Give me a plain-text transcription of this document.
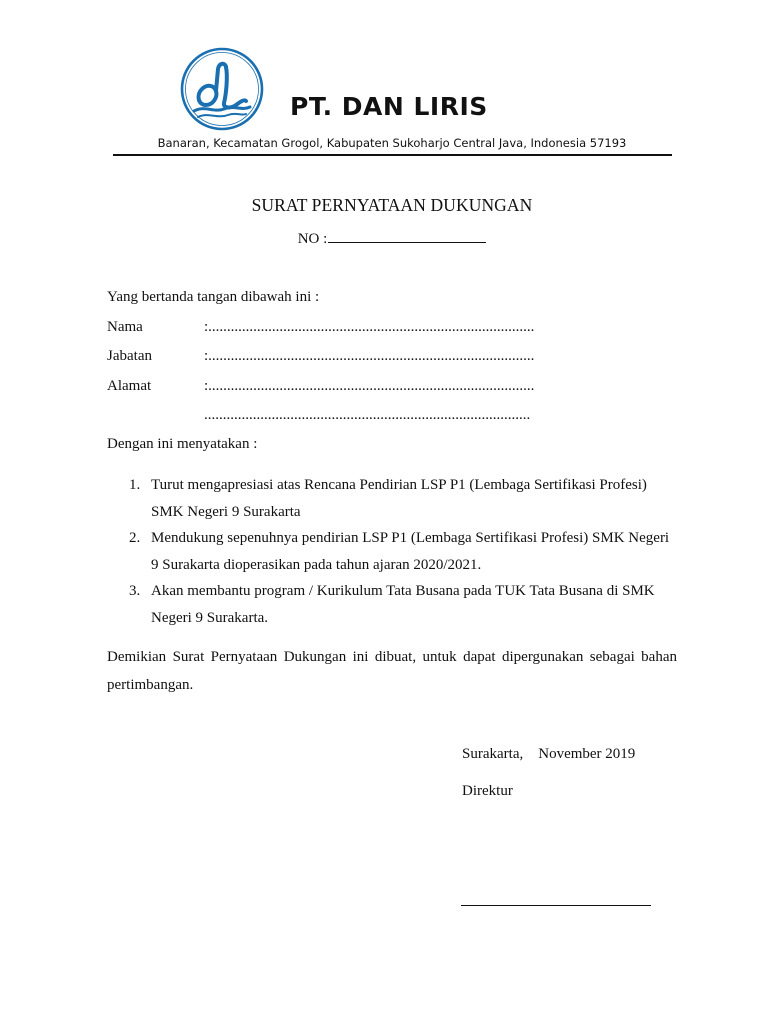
PT. DAN LIRIS
Banaran, Kecamatan Grogol, Kabupaten Sukoharjo Central Java, Indonesia 57193
SURAT PERNYATAAN DUKUNGAN
NO :
Yang bertanda tangan dibawah ini :
Nama	:.......................................................................................
Jabatan	:.......................................................................................
Alamat	:.......................................................................................
.......................................................................................
Dengan ini menyatakan :
1. Turut mengapresiasi atas Rencana Pendirian LSP P1 (Lembaga Sertifikasi Profesi)
SMK Negeri 9 Surakarta
2. Mendukung sepenuhnya pendirian LSP P1 (Lembaga Sertifikasi Profesi) SMK Negeri
9 Surakarta dioperasikan pada tahun ajaran 2020/2021.
3. Akan membantu program / Kurikulum Tata Busana pada TUK Tata Busana di SMK
Negeri 9 Surakarta.
Demikian Surat Pernyataan Dukungan ini dibuat, untuk dapat dipergunakan sebagai bahan pertimbangan.
Surakarta, November 2019
Direktur
